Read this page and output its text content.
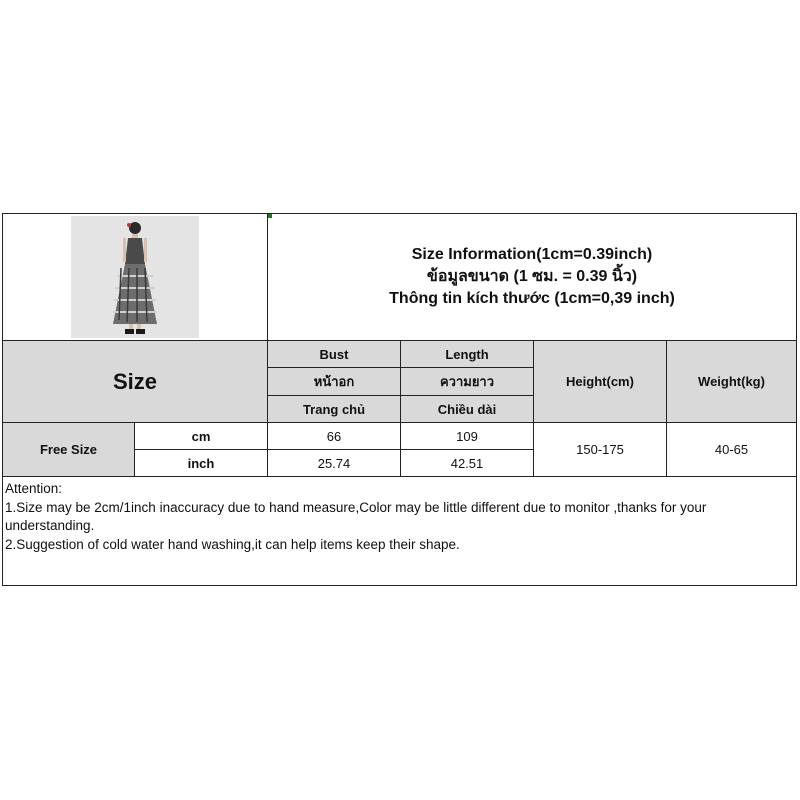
Size Information(1cm=0.39inch)
ข้อมูลขนาด (1 ซม. = 0.39 นิ้ว)
Thông tin kích thước (1cm=0,39 inch)
Size
Bust
หน้าอก
Trang chủ
Length
ความยาว
Chiều dài
Height(cm)	Weight(kg)
Free Size
cm
inch
66
25.74
109
42.51
150-175	40-65
Attention:
1.Size may be 2cm/1inch inaccuracy due to hand measure,Color may be little different due to monitor ,thanks for your understanding.
2.Suggestion of cold water hand washing,it can help items keep their shape.
